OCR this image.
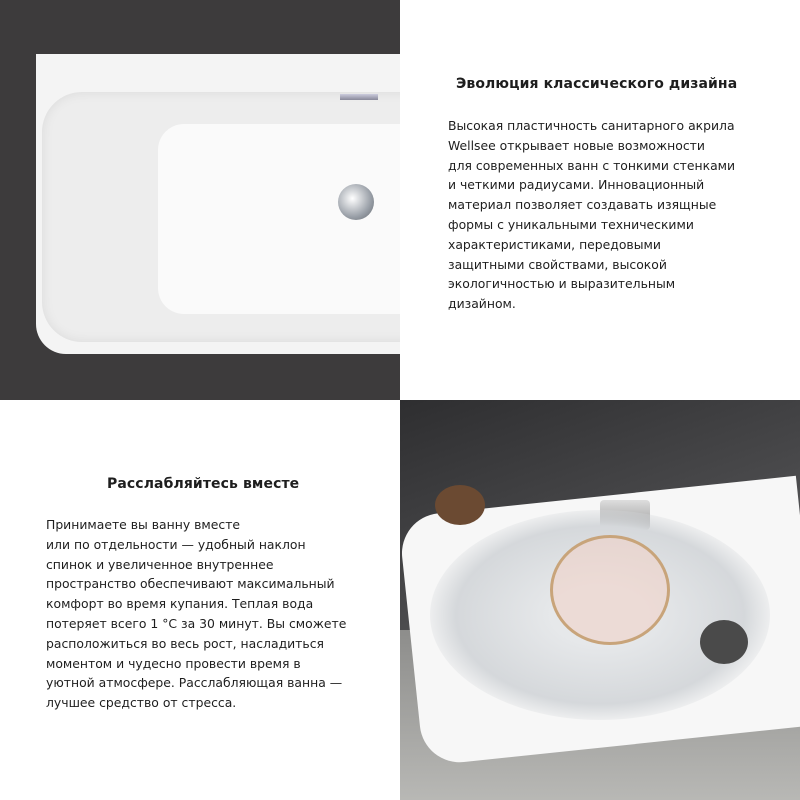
Эволюция классического дизайна
Высокая пластичность санитарного акрила
Wellsee открывает новые возможности
для современных ванн с тонкими стенками
и четкими радиусами. Инновационный
материал позволяет создавать изящные
формы с уникальными техническими
характеристиками, передовыми
защитными свойствами, высокой
экологичностью и выразительным
дизайном.
Расслабляйтесь вместе
Принимаете вы ванну вместе
или по отдельности — удобный наклон
спинок и увеличенное внутреннее
пространство обеспечивают максимальный
комфорт во время купания. Теплая вода
потеряет всего 1 °C за 30 минут. Вы сможете
расположиться во весь рост, насладиться
моментом и чудесно провести время в
уютной атмосфере. Расслабляющая ванна —
лучшее средство от стресса.
